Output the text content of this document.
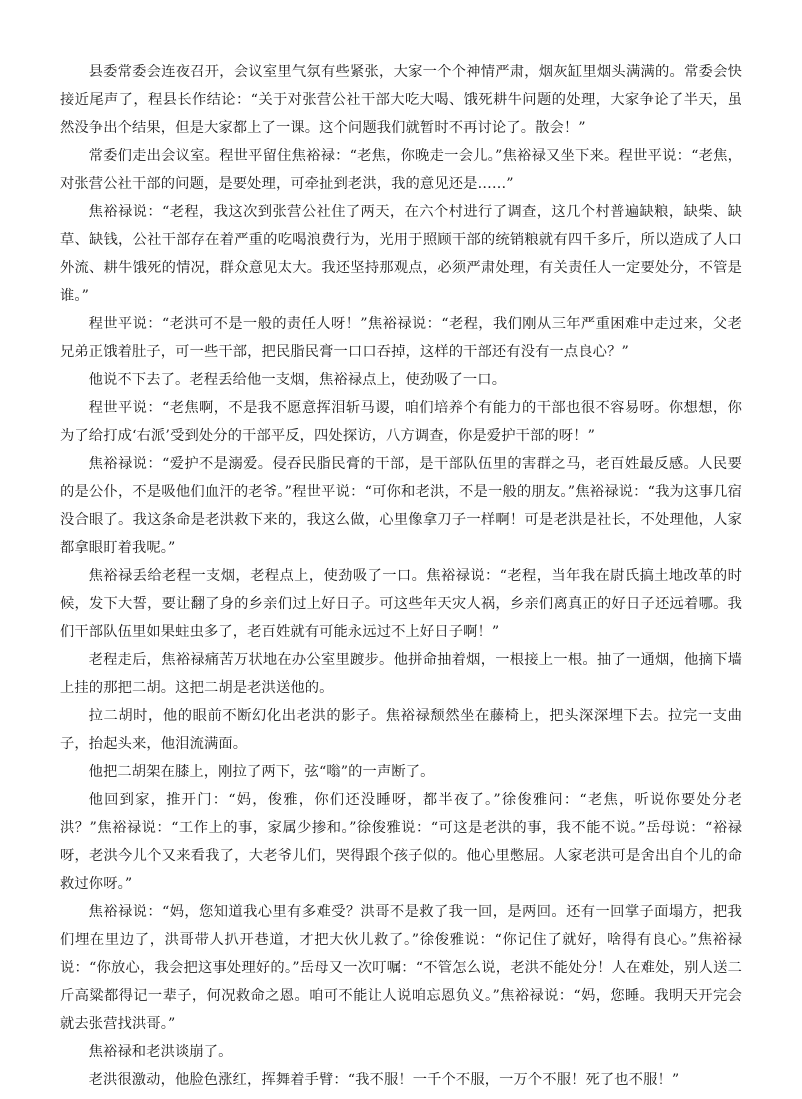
县委常委会连夜召开，会议室里气氛有些紧张，大家一个个神情严肃，烟灰缸里烟头满满的。常委会快接近尾声了，程县长作结论：“关于对张营公社干部大吃大喝、饿死耕牛问题的处理，大家争论了半天，虽然没争出个结果，但是大家都上了一课。这个问题我们就暂时不再讨论了。散会！”

常委们走出会议室。程世平留住焦裕禄：“老焦，你晚走一会儿。”焦裕禄又坐下来。程世平说：“老焦，对张营公社干部的问题，是要处理，可牵扯到老洪，我的意见还是……”

焦裕禄说：“老程，我这次到张营公社住了两天，在六个村进行了调查，这几个村普遍缺粮，缺柴、缺草、缺钱，公社干部存在着严重的吃喝浪费行为，光用于照顾干部的统销粮就有四千多斤，所以造成了人口外流、耕牛饿死的情况，群众意见太大。我还坚持那观点，必须严肃处理，有关责任人一定要处分，不管是谁。”

程世平说：“老洪可不是一般的责任人呀！”焦裕禄说：“老程，我们刚从三年严重困难中走过来，父老兄弟正饿着肚子，可一些干部，把民脂民膏一口口吞掉，这样的干部还有没有一点良心？”

他说不下去了。老程丢给他一支烟，焦裕禄点上，使劲吸了一口。

程世平说：“老焦啊，不是我不愿意挥泪斩马谡，咱们培养个有能力的干部也很不容易呀。你想想，你为了给打成‘右派’受到处分的干部平反，四处探访，八方调查，你是爱护干部的呀！”

焦裕禄说：“爱护不是溺爱。侵吞民脂民膏的干部，是干部队伍里的害群之马，老百姓最反感。人民要的是公仆，不是吸他们血汗的老爷。”程世平说：“可你和老洪，不是一般的朋友。”焦裕禄说：“我为这事几宿没合眼了。我这条命是老洪救下来的，我这么做，心里像拿刀子一样啊！可是老洪是社长，不处理他，人家都拿眼盯着我呢。”

焦裕禄丢给老程一支烟，老程点上，使劲吸了一口。焦裕禄说：“老程，当年我在尉氏搞土地改革的时候，发下大誓，要让翻了身的乡亲们过上好日子。可这些年天灾人祸，乡亲们离真正的好日子还远着哪。我们干部队伍里如果蛀虫多了，老百姓就有可能永远过不上好日子啊！”

老程走后，焦裕禄痛苦万状地在办公室里踱步。他拼命抽着烟，一根接上一根。抽了一通烟，他摘下墙上挂的那把二胡。这把二胡是老洪送他的。

拉二胡时，他的眼前不断幻化出老洪的影子。焦裕禄颓然坐在藤椅上，把头深深埋下去。拉完一支曲子，抬起头来，他泪流满面。

他把二胡架在膝上，刚拉了两下，弦“嗡”的一声断了。

他回到家，推开门：“妈，俊雅，你们还没睡呀，都半夜了。”徐俊雅问：“老焦，听说你要处分老洪？”焦裕禄说：“工作上的事，家属少掺和。”徐俊雅说：“可这是老洪的事，我不能不说。”岳母说：“裕禄呀，老洪今儿个又来看我了，大老爷儿们，哭得跟个孩子似的。他心里憋屈。人家老洪可是舍出自个儿的命救过你呀。”

焦裕禄说：“妈，您知道我心里有多难受？洪哥不是救了我一回，是两回。还有一回掌子面塌方，把我们埋在里边了，洪哥带人扒开巷道，才把大伙儿救了。”徐俊雅说：“你记住了就好，啥得有良心。”焦裕禄说：“你放心，我会把这事处理好的。”岳母又一次叮嘱：“不管怎么说，老洪不能处分！人在难处，别人送二斤高粱都得记一辈子，何况救命之恩。咱可不能让人说咱忘恩负义。”焦裕禄说：“妈，您睡。我明天开完会就去张营找洪哥。”

焦裕禄和老洪谈崩了。

老洪很激动，他脸色涨红，挥舞着手臂：“我不服！一千个不服，一万个不服！死了也不服！”
